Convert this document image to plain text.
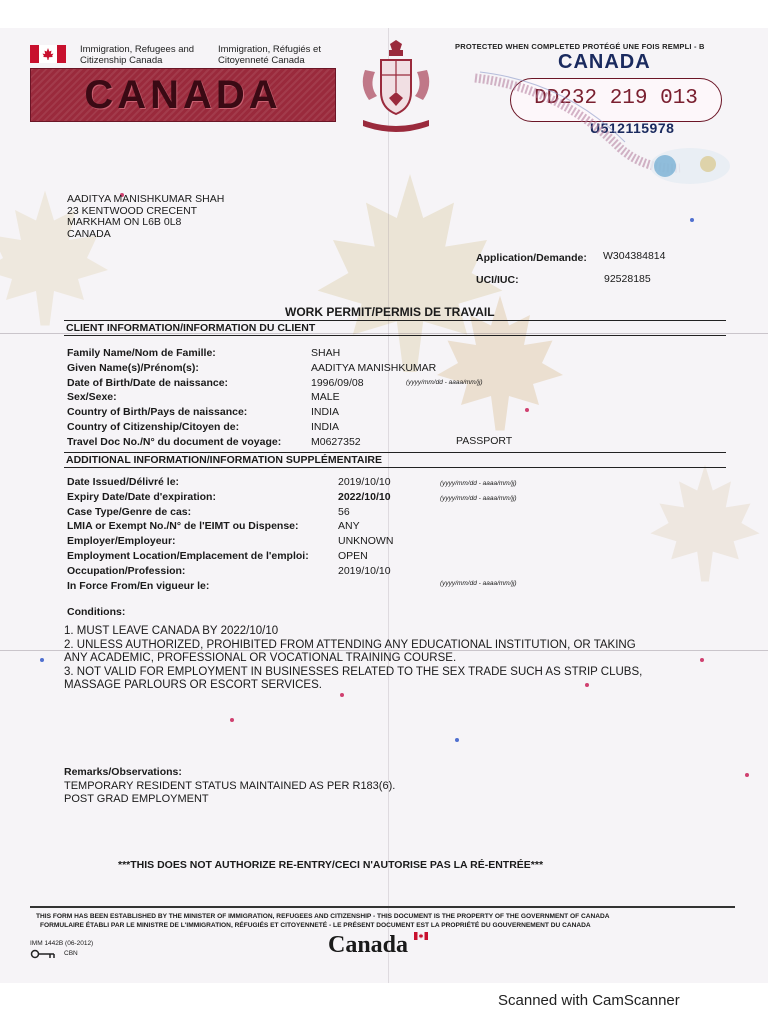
Immigration, Refugees and
Citizenship Canada
Immigration, Réfugiés et
Citoyenneté Canada
CANADA
PROTECTED WHEN COMPLETED PROTÉGÉ UNE FOIS REMPLI - B
CANADA
DD232 219 013
U512115978
AADITYA MANISHKUMAR SHAH
23 KENTWOOD CRECENT
MARKHAM ON L6B 0L8
CANADA
Application/Demande: W304384814
UCI/IUC:	92528185
WORK PERMIT/PERMIS DE TRAVAIL
CLIENT INFORMATION/INFORMATION DU CLIENT
Family Name/Nom de Famille:
Given Name(s)/Prénom(s):
Date of Birth/Date de naissance:
Sex/Sexe:
Country of Birth/Pays de naissance:
Country of Citizenship/Citoyen de:
Travel Doc No./N° du document de voyage:
SHAH
AADITYA MANISHKUMAR
1996/09/08
MALE
INDIA
INDIA
M0627352
(yyyy/mm/dd - aaaa/mm/jj)
PASSPORT
ADDITIONAL INFORMATION/INFORMATION SUPPLÉMENTAIRE
Date Issued/Délivré le:
Expiry Date/Date d'expiration:
Case Type/Genre de cas:
LMIA or Exempt No./N° de l'EIMT ou Dispense:
Employer/Employeur:
Employment Location/Emplacement de l'emploi:
Occupation/Profession:
In Force From/En vigueur le:
2019/10/10
2022/10/10
56
ANY
UNKNOWN
OPEN
2019/10/10
(yyyy/mm/dd - aaaa/mm/jj)
(yyyy/mm/dd - aaaa/mm/jj)
(yyyy/mm/dd - aaaa/mm/jj)
Conditions:
1. MUST LEAVE CANADA BY 2022/10/10
2. UNLESS AUTHORIZED, PROHIBITED FROM ATTENDING ANY EDUCATIONAL INSTITUTION, OR TAKING
ANY ACADEMIC, PROFESSIONAL OR VOCATIONAL TRAINING COURSE.
3. NOT VALID FOR EMPLOYMENT IN BUSINESSES RELATED TO THE SEX TRADE SUCH AS STRIP CLUBS,
MASSAGE PARLOURS OR ESCORT SERVICES.
Remarks/Observations:
TEMPORARY RESIDENT STATUS MAINTAINED AS PER R183(6).
POST GRAD EMPLOYMENT
***THIS DOES NOT AUTHORIZE RE-ENTRY/CECI N'AUTORISE PAS LA RÉ-ENTRÉE***
THIS FORM HAS BEEN ESTABLISHED BY THE MINISTER OF IMMIGRATION, REFUGEES AND CITIZENSHIP - THIS DOCUMENT IS THE PROPERTY OF THE GOVERNMENT OF CANADA
FORMULAIRE ÉTABLI PAR LE MINISTRE DE L'IMMIGRATION, RÉFUGIÉS ET CITOYENNETÉ - LE PRÉSENT DOCUMENT EST LA PROPRIÉTÉ DU GOUVERNEMENT DU CANADA
IMM 1442B (06-2012)
CBN	Canada
Scanned with CamScanner
